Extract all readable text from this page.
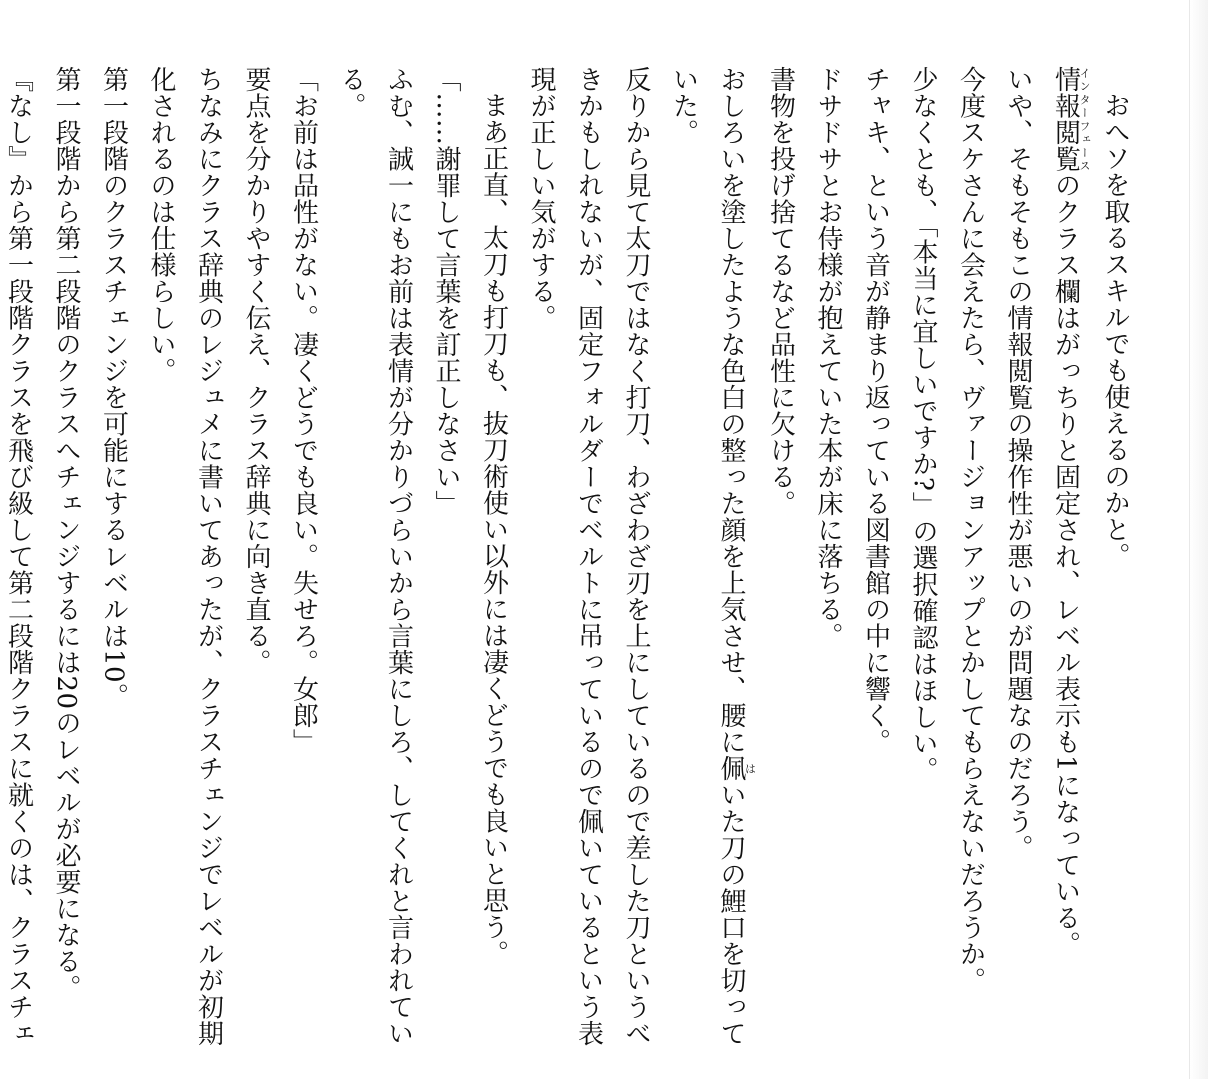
おへソを取るスキルでも使えるのかと。

情報閲覧インターフェースのクラス欄はがっちりと固定され、レベル表示も1になっている。

いや、そもそもこの情報閲覧の操作性が悪いのが問題なのだろう。

今度スケさんに会えたら、ヴァージョンアップとかしてもらえないだろうか。

少なくとも、「本当に宜しいですか?」の選択確認はほしい。

チャキ、という音が静まり返っている図書館の中に響く。

ドサドサとお侍様が抱えていた本が床に落ちる。

書物を投げ捨てるなど品性に欠ける。

おしろいを塗したような色白の整った顔を上気させ、腰に佩はいた刀の鯉口を切っていた。

反りから見て太刀ではなく打刀、わざわざ刃を上にしているので差した刀というべきかもしれないが、固定フォルダーでベルトに吊っているので佩いているという表現が正しい気がする。

まあ正直、太刀も打刀も、抜刀術使い以外には凄くどうでも良いと思う。

「……謝罪して言葉を訂正しなさい」

ふむ、誠一にもお前は表情が分かりづらいから言葉にしろ、してくれと言われている。

「お前は品性がない。凄くどうでも良い。失せろ。女郎」

要点を分かりやすく伝え、クラス辞典に向き直る。

ちなみにクラス辞典のレジュメに書いてあったが、クラスチェンジでレベルが初期化されるのは仕様らしい。

第一段階のクラスチェンジを可能にするレベルは10。

第一段階から第二段階のクラスへチェンジするには20のレベルが必要になる。

『なし』から第一段階クラスを飛び級して第二段階クラスに就くのは、クラスチェ
